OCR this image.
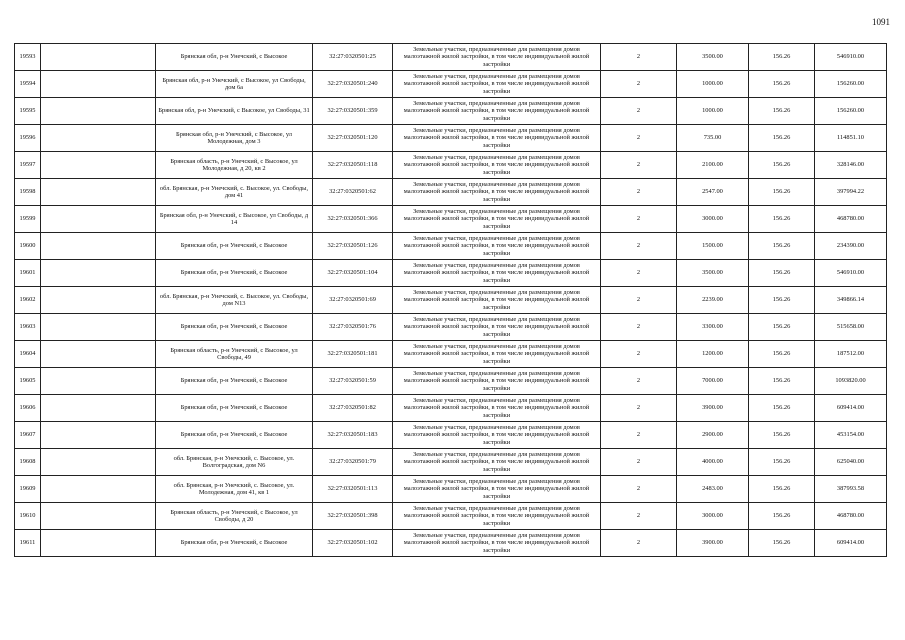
1091
19593		Брянская обл, р-н Унечский, с Высокое	32:27:0320501:25	Земельные участки, предназначенные для размещения домов малоэтажной жилой застройки, в том числе индивидуальной жилой застройки	2	3500.00	156.26	546910.00
19594		Брянская обл, р-н Унечский, с Высокое, ул Свободы, дом 6а	32:27:0320501:240	Земельные участки, предназначенные для размещения домов малоэтажной жилой застройки, в том числе индивидуальной жилой застройки	2	1000.00	156.26	156260.00
19595		Брянская обл, р-н Унечский, с Высокое, ул Свободы, 31	32:27:0320501:359	Земельные участки, предназначенные для размещения домов малоэтажной жилой застройки, в том числе индивидуальной жилой застройки	2	1000.00	156.26	156260.00
19596		Брянская обл, р-н Унечский, с Высокое, ул Молодежная, дом 3	32:27:0320501:120	Земельные участки, предназначенные для размещения домов малоэтажной жилой застройки, в том числе индивидуальной жилой застройки	2	735.00	156.26	114851.10
19597		Брянская область, р-н Унечский, с Высокое, ул Молодежная, д 20, кв 2	32:27:0320501:118	Земельные участки, предназначенные для размещения домов малоэтажной жилой застройки, в том числе индивидуальной жилой застройки	2	2100.00	156.26	328146.00
19598		обл. Брянская, р-н Унечский, с. Высокое, ул. Свободы, дом 41	32:27:0320501:62	Земельные участки, предназначенные для размещения домов малоэтажной жилой застройки, в том числе индивидуальной жилой застройки	2	2547.00	156.26	397994.22
19599		Брянская обл, р-н Унечский, с Высокое, ул Свободы, д 14	32:27:0320501:366	Земельные участки, предназначенные для размещения домов малоэтажной жилой застройки, в том числе индивидуальной жилой застройки	2	3000.00	156.26	468780.00
19600		Брянская обл, р-н Унечский, с Высокое	32:27:0320501:126	Земельные участки, предназначенные для размещения домов малоэтажной жилой застройки, в том числе индивидуальной жилой застройки	2	1500.00	156.26	234390.00
19601		Брянская обл, р-н Унечский, с Высокое	32:27:0320501:104	Земельные участки, предназначенные для размещения домов малоэтажной жилой застройки, в том числе индивидуальной жилой застройки	2	3500.00	156.26	546910.00
19602		обл. Брянская, р-н Унечский, с. Высокое, ул. Свободы, дом N13	32:27:0320501:69	Земельные участки, предназначенные для размещения домов малоэтажной жилой застройки, в том числе индивидуальной жилой застройки	2	2239.00	156.26	349866.14
19603		Брянская обл, р-н Унечский, с Высокое	32:27:0320501:76	Земельные участки, предназначенные для размещения домов малоэтажной жилой застройки, в том числе индивидуальной жилой застройки	2	3300.00	156.26	515658.00
19604		Брянская область, р-н Унечский, с Высокое, ул Свободы, 49	32:27:0320501:181	Земельные участки, предназначенные для размещения домов малоэтажной жилой застройки, в том числе индивидуальной жилой застройки	2	1200.00	156.26	187512.00
19605		Брянская обл, р-н Унечский, с Высокое	32:27:0320501:59	Земельные участки, предназначенные для размещения домов малоэтажной жилой застройки, в том числе индивидуальной жилой застройки	2	7000.00	156.26	1093820.00
19606		Брянская обл, р-н Унечский, с Высокое	32:27:0320501:82	Земельные участки, предназначенные для размещения домов малоэтажной жилой застройки, в том числе индивидуальной жилой застройки	2	3900.00	156.26	609414.00
19607		Брянская обл, р-н Унечский, с Высокое	32:27:0320501:183	Земельные участки, предназначенные для размещения домов малоэтажной жилой застройки, в том числе индивидуальной жилой застройки	2	2900.00	156.26	453154.00
19608		обл. Брянская, р-н Унечский, с. Высокое, ул. Волгоградская, дом N6	32:27:0320501:79	Земельные участки, предназначенные для размещения домов малоэтажной жилой застройки, в том числе индивидуальной жилой застройки	2	4000.00	156.26	625040.00
19609		обл. Брянская, р-н Унечский, с. Высокое, ул. Молодежная, дом 41, кв 1	32:27:0320501:113	Земельные участки, предназначенные для размещения домов малоэтажной жилой застройки, в том числе индивидуальной жилой застройки	2	2483.00	156.26	387993.58
19610		Брянская область, р-н Унечский, с Высокое, ул Свободы, д 20	32:27:0320501:398	Земельные участки, предназначенные для размещения домов малоэтажной жилой застройки, в том числе индивидуальной жилой застройки	2	3000.00	156.26	468780.00
19611		Брянская обл, р-н Унечский, с Высокое	32:27:0320501:102	Земельные участки, предназначенные для размещения домов малоэтажной жилой застройки, в том числе индивидуальной жилой застройки	2	3900.00	156.26	609414.00
